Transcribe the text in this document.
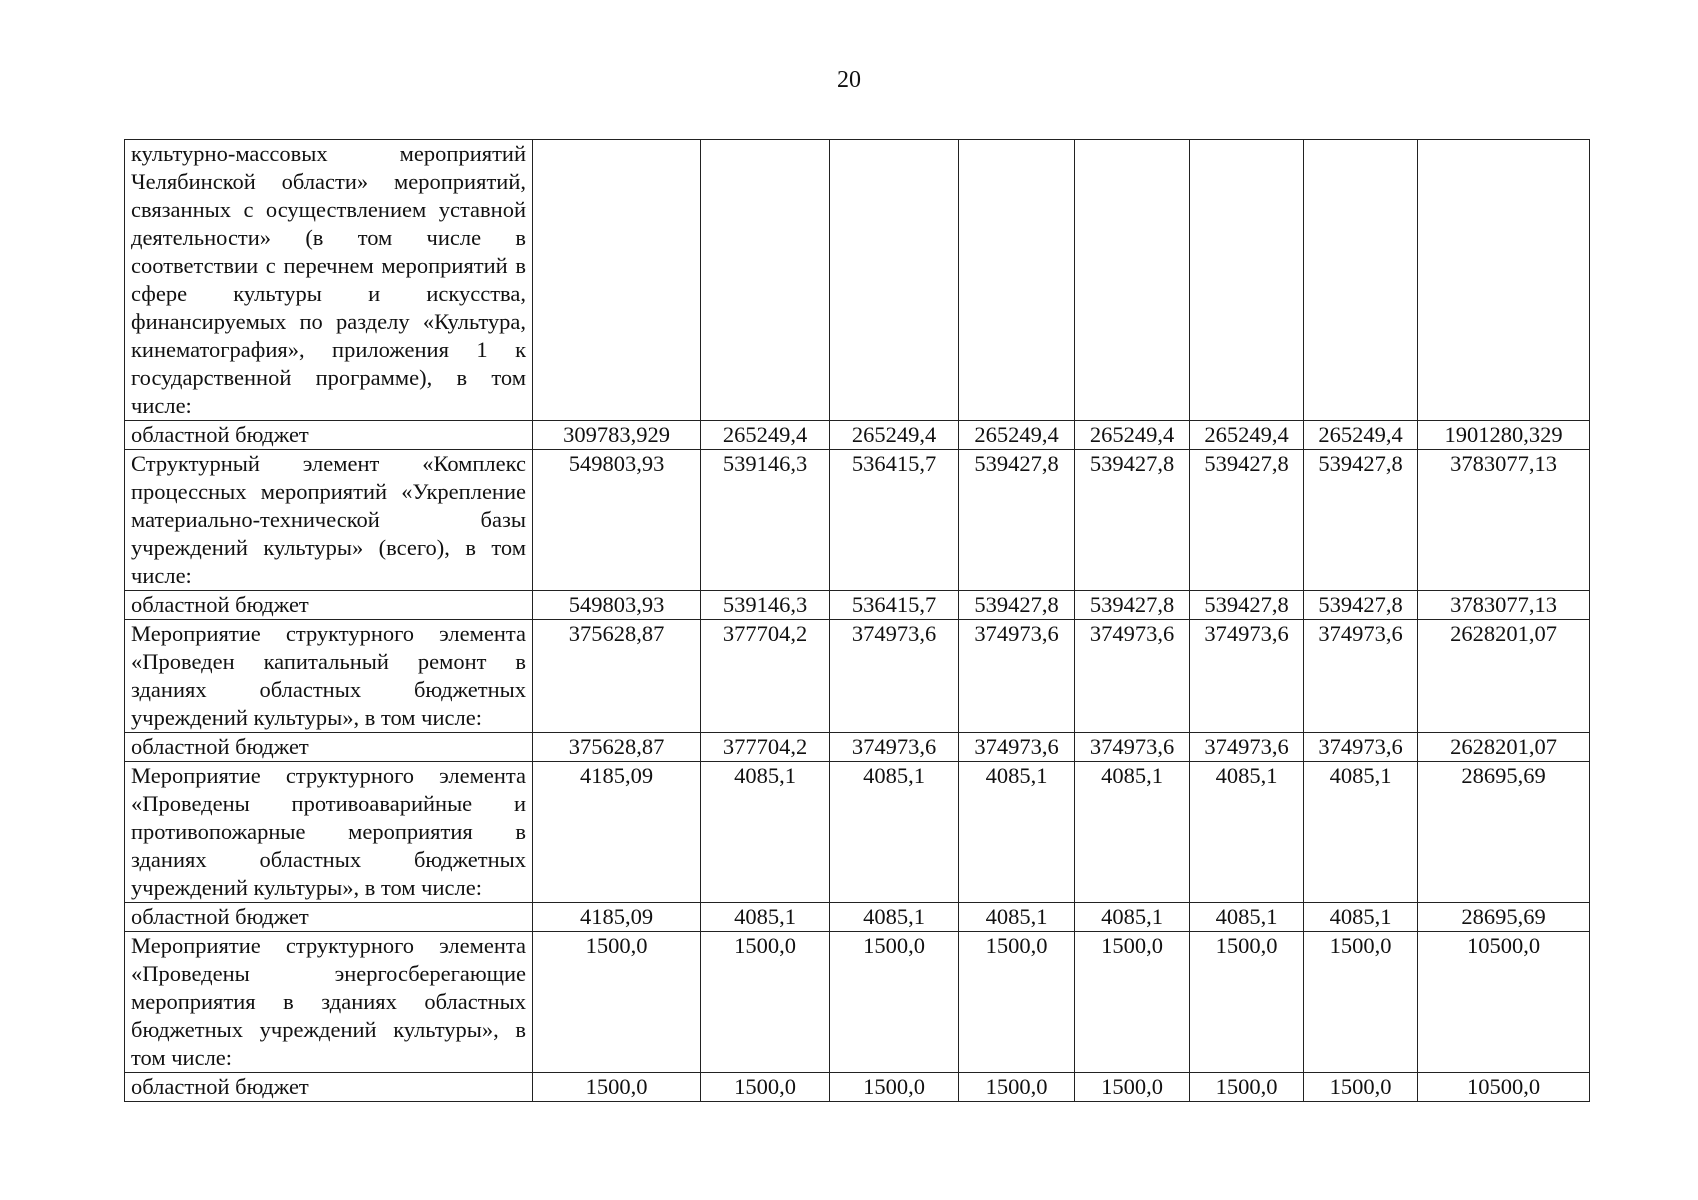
20
культурно-массовых мероприятий Челябинской области» мероприятий, связанных с осуществлением уставной деятельности» (в том числе в соответствии с перечнем мероприятий в сфере культуры и искусства, финансируемых по разделу «Культура, кинематография», приложения 1 к государственной программе), в том числе:								
областной бюджет	309783,929	265249,4	265249,4	265249,4	265249,4	265249,4	265249,4	1901280,329
Структурный элемент «Комплекс процессных мероприятий «Укрепление материально-технической базы учреждений культуры» (всего), в том числе:	549803,93	539146,3	536415,7	539427,8	539427,8	539427,8	539427,8	3783077,13
областной бюджет	549803,93	539146,3	536415,7	539427,8	539427,8	539427,8	539427,8	3783077,13
Мероприятие структурного элемента «Проведен капитальный ремонт в зданиях областных бюджетных учреждений культуры», в том числе:	375628,87	377704,2	374973,6	374973,6	374973,6	374973,6	374973,6	2628201,07
областной бюджет	375628,87	377704,2	374973,6	374973,6	374973,6	374973,6	374973,6	2628201,07
Мероприятие структурного элемента «Проведены противоаварийные и противопожарные мероприятия в зданиях областных бюджетных учреждений культуры», в том числе:	4185,09	4085,1	4085,1	4085,1	4085,1	4085,1	4085,1	28695,69
областной бюджет	4185,09	4085,1	4085,1	4085,1	4085,1	4085,1	4085,1	28695,69
Мероприятие структурного элемента «Проведены энергосберегающие мероприятия в зданиях областных бюджетных учреждений культуры», в том числе:	1500,0	1500,0	1500,0	1500,0	1500,0	1500,0	1500,0	10500,0
областной бюджет	1500,0	1500,0	1500,0	1500,0	1500,0	1500,0	1500,0	10500,0
